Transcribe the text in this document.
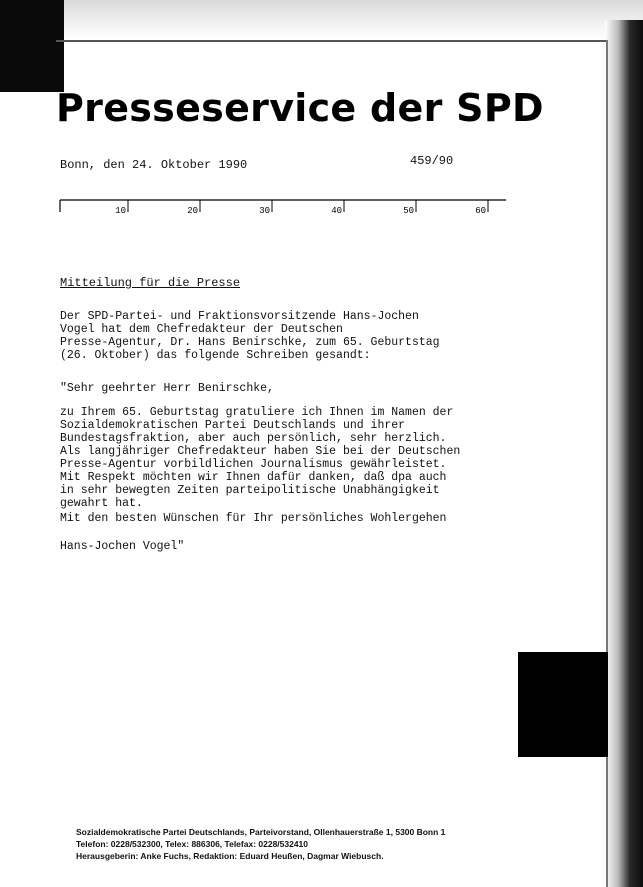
Presseservice der SPD
Bonn, den 24. Oktober 1990	459/90
10	20	30	40	50	60
Mitteilung für die Presse

Der SPD-Partei- und Fraktionsvorsitzende Hans-Jochen
Vogel hat dem Chefredakteur der Deutschen
Presse-Agentur, Dr. Hans Benirschke, zum 65. Geburtstag
(26. Oktober) das folgende Schreiben gesandt:

"Sehr geehrter Herr Benirschke,

zu Ihrem 65. Geburtstag gratuliere ich Ihnen im Namen der
Sozialdemokratischen Partei Deutschlands und ihrer
Bundestagsfraktion, aber auch persönlich, sehr herzlich.
Als langjähriger Chefredakteur haben Sie bei der Deutschen
Presse-Agentur vorbildlichen Journalismus gewährleistet.
Mit Respekt möchten wir Ihnen dafür danken, daß dpa auch
in sehr bewegten Zeiten parteipolitische Unabhängigkeit
gewahrt hat.

Mit den besten Wünschen für Ihr persönliches Wohlergehen

Hans-Jochen Vogel"

Sozialdemokratische Partei Deutschlands, Parteivorstand, Ollenhauerstraße 1, 5300 Bonn 1
Telefon: 0228/532300, Telex: 886306, Telefax: 0228/532410
Herausgeberin: Anke Fuchs, Redaktion: Eduard Heußen, Dagmar Wiebusch.
